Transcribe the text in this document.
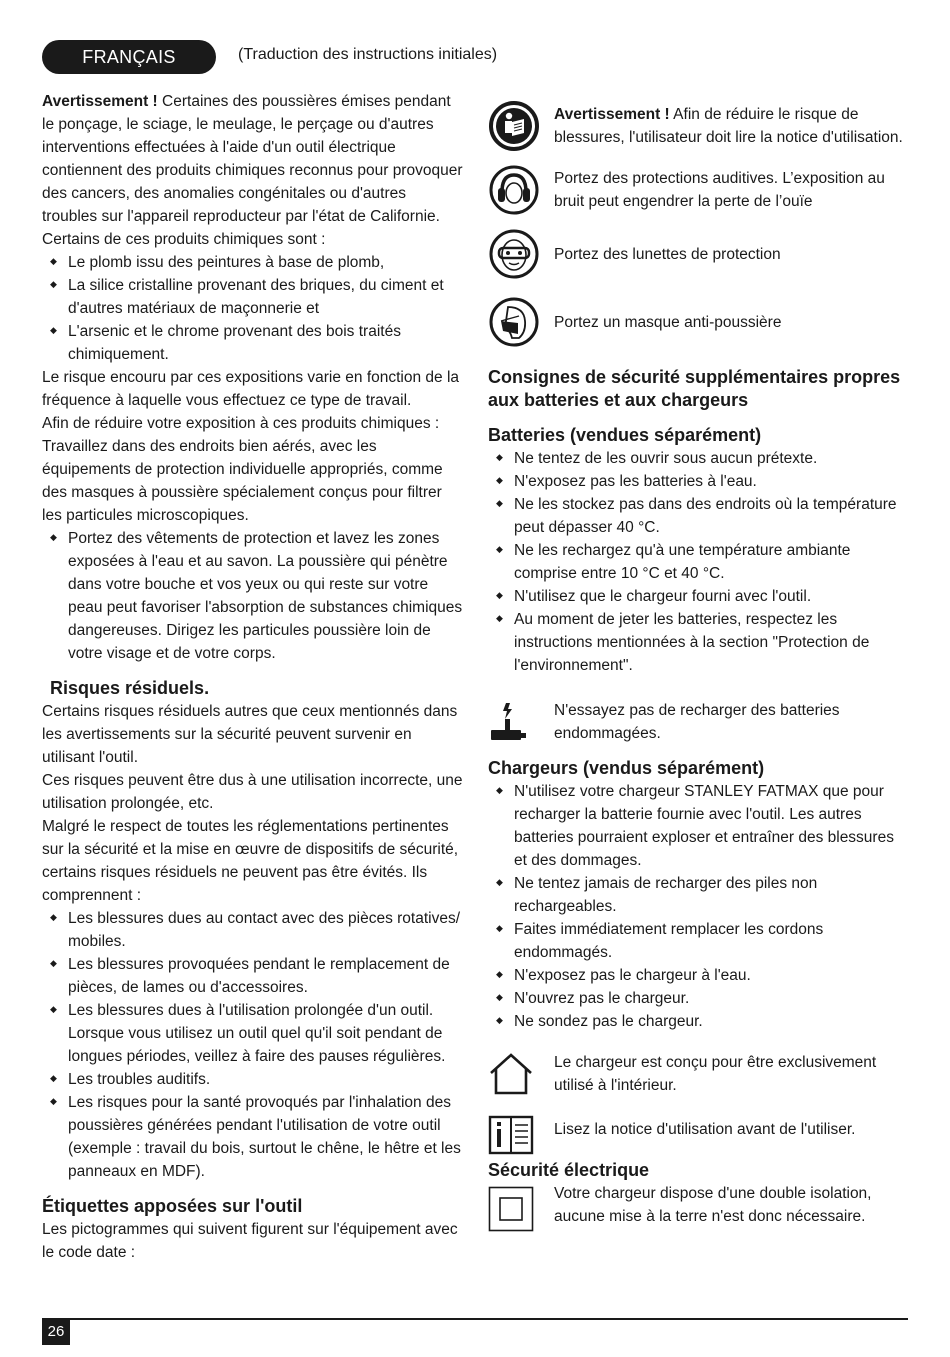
FRANÇAIS	(Traduction des instructions initiales)

Avertissement ! Certaines des poussières émises pendant le ponçage, le sciage, le meulage, le perçage ou d'autres interventions effectuées à l'aide d'un outil électrique contiennent des produits chimiques reconnus pour provoquer des cancers, des anomalies congénitales ou d'autres troubles sur l'appareil reproducteur par l'état de Californie. Certains de ces produits chimiques sont :

◆ Le plomb issu des peintures à base de plomb,
◆ La silice cristalline provenant des briques, du ciment et d'autres matériaux de maçonnerie et
◆ L'arsenic et le chrome provenant des bois traités chimiquement.

Le risque encouru par ces expositions varie en fonction de la fréquence à laquelle vous effectuez ce type de travail.

Afin de réduire votre exposition à ces produits chimiques : Travaillez dans des endroits bien aérés, avec les équipements de protection individuelle appropriés, comme des masques à poussière spécialement conçus pour filtrer les particules microscopiques.

◆ Portez des vêtements de protection et lavez les zones exposées à l'eau et au savon. La poussière qui pénètre dans votre bouche et vos yeux ou qui reste sur votre peau peut favoriser l'absorption de substances chimiques dangereuses. Dirigez les particules poussière loin de votre visage et de votre corps.
Risques résiduels.

Certains risques résiduels autres que ceux mentionnés dans les avertissements sur la sécurité peuvent survenir en utilisant l'outil.

Ces risques peuvent être dus à une utilisation incorrecte, une utilisation prolongée, etc.

Malgré le respect de toutes les réglementations pertinentes sur la sécurité et la mise en œuvre de dispositifs de sécurité, certains risques résiduels ne peuvent pas être évités. Ils comprennent :

◆ Les blessures dues au contact avec des pièces rotatives/ mobiles.
◆ Les blessures provoquées pendant le remplacement de pièces, de lames ou d'accessoires.
◆ Les blessures dues à l'utilisation prolongée d'un outil. Lorsque vous utilisez un outil quel qu'il soit pendant de longues périodes, veillez à faire des pauses régulières.
◆ Les troubles auditifs.
◆ Les risques pour la santé provoqués par l'inhalation des poussières générées pendant l'utilisation de votre outil (exemple : travail du bois, surtout le chêne, le hêtre et les panneaux en MDF).
Étiquettes apposées sur l'outil

Les pictogrammes qui suivent figurent sur l'équipement avec le code date :

Avertissement ! Afin de réduire le risque de blessures, l'utilisateur doit lire la notice d'utilisation.

Portez des protections auditives. L’exposition au bruit peut engendrer la perte de l’ouïe

Portez des lunettes de protection

Portez un masque anti-poussière

Consignes de sécurité supplémentaires propres aux batteries et aux chargeurs
Batteries (vendues séparément)
◆ Ne tentez de les ouvrir sous aucun prétexte.
◆ N'exposez pas les batteries à l'eau.
◆ Ne les stockez pas dans des endroits où la température peut dépasser 40 °C.
◆ Ne les rechargez qu'à une température ambiante comprise entre 10 °C et 40 °C.
◆ N'utilisez que le chargeur fourni avec l'outil.
◆ Au moment de jeter les batteries, respectez les instructions mentionnées à la section "Protection de l'environnement".

N'essayez pas de recharger des batteries endommagées.

Chargeurs (vendus séparément)
◆ N'utilisez votre chargeur STANLEY FATMAX que pour recharger la batterie fournie avec l'outil. Les autres batteries pourraient exploser et entraîner des blessures et des dommages.
◆ Ne tentez jamais de recharger des piles non rechargeables.
◆ Faites immédiatement remplacer les cordons endommagés.
◆ N'exposez pas le chargeur à l'eau.
◆ N'ouvrez pas le chargeur.
◆ Ne sondez pas le chargeur.

Le chargeur est conçu pour être exclusivement utilisé à l'intérieur.

Lisez la notice d'utilisation avant de l'utiliser.

Sécurité électrique

Votre chargeur dispose d'une double isolation, aucune mise à la terre n'est donc nécessaire.

26
